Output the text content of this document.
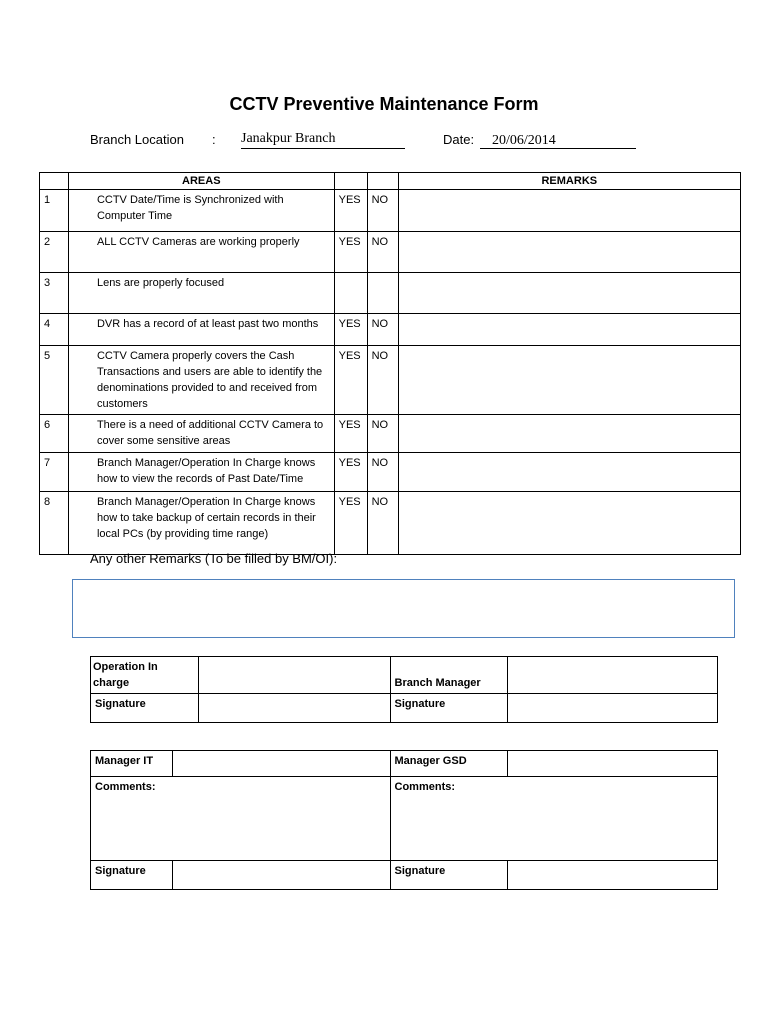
CCTV Preventive Maintenance Form
Branch Location : Janakpur Branch	Date:	20/06/2014
	AREAS			REMARKS
1	CCTV Date/Time is Synchronized with Computer Time	YES	NO	
2	ALL CCTV Cameras are working properly	YES	NO	
3	Lens are properly focused			
4	DVR has a record of at least past two months	YES	NO	
5	CCTV Camera properly covers the Cash Transactions and users are able to identify the denominations provided to and received from customers	YES	NO	
6	There is a need of additional CCTV Camera to cover some sensitive areas	YES	NO	
7	Branch Manager/Operation In Charge knows how to view the records of Past Date/Time	YES	NO	
8	Branch Manager/Operation In Charge knows how to take backup of certain records in their local PCs (by providing time range)	YES	NO	
Any other Remarks (To be filled by BM/OI):
Operation In charge		Branch Manager	
Signature		Signature	
Manager IT		Manager GSD	
Comments:		Comments:	
Signature		Signature	
